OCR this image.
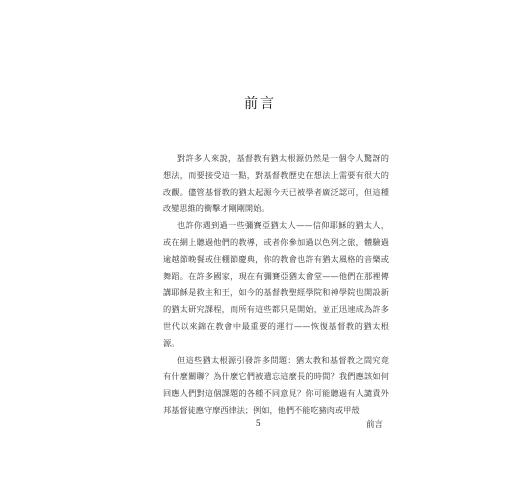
前言

對許多人來說，基督教有猶太根源仍然是一個令人驚訝的想法，而要接受這一點，對基督教歷史在想法上需要有很大的改觀。儘管基督教的猶太起源今天已被學者廣泛認可，但這種改變思維的衝擊才剛剛開始。

也許你遇到過一些彌賽亞猶太人——信仰耶穌的猶太人，或在網上聽過他們的教導，或者你參加過以色列之旅，體驗過逾越節晚餐或住棚節慶典，你的教會也許有猶太風格的音樂或舞蹈。在許多國家，現在有彌賽亞猶太會堂——他們在那裡傳講耶穌是救主和王，如今的基督教聖經學院和神學院也開設新的猶太研究課程，而所有這些都只是開始，並正迅速成為許多世代以來錦在教會中最重要的運行——恢復基督教的猶太根源。

但這些猶太根源引發許多問題：猶太教和基督教之間究竟有什麼關聯？為什麼它們被遺忘這麼長的時間？我們應該如何回應人們對這個課題的各種不同意見？你可能聽過有人譴責外邦基督徒應守摩西律法；例如，他們不能吃豬肉或甲殼

5	前言
